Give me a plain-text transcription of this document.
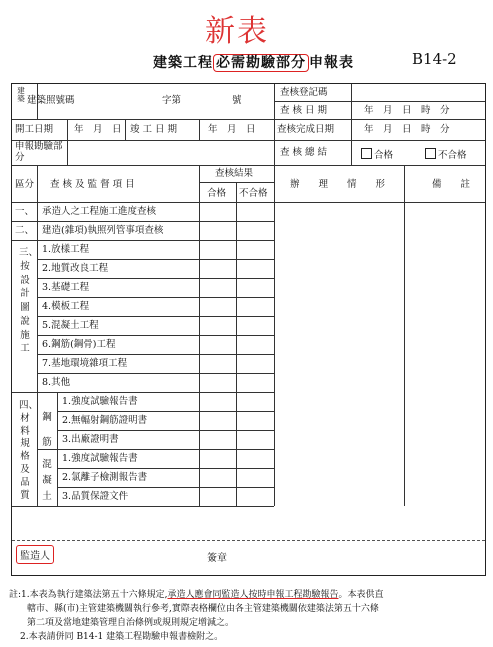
新表
建築工程 必需勘驗部分 申報表	B14-2
建
築 建築照號碼	字第	號
查核登記碼
查 核 日 期	年　月　日　時　分
開工日期 年　月　日 竣 工 日 期	年　月　日 查核完成日期	年　月　日　時　分
申報勘驗部分	查 核 總 結	合格	不合格
區分 查 核 及 監 督 項 目
查核結果
合格 不合格
辦　　理　　情　　形	備　　註
一、 承造人之工程施工進度查核
二、 建造(雜項)執照列管事項查核
三、按設計圖說施工
1.放樣工程
2.地質改良工程
3.基礎工程
4.模板工程
5.混凝土工程
6.鋼筋(鋼骨)工程
7.基地環境雜項工程
8.其他
四、材料規格及品質
鋼筋
1.強度試驗報告書
2.無輻射鋼筋證明書
3.出廠證明書
混凝土
1.強度試驗報告書
2.氯離子檢測報告書
3.品質保證文件
監造人	簽章
註:1.本表為執行建築法第五十六條規定,承造人應會同監造人按時申報工程勘驗報告。本表供直
轄市、縣(市)主管建築機關執行參考,實際表格欄位由各主管建築機關依建築法第五十六條
第二項及當地建築管理自治條例或規則規定增減之。
2.本表請併同 B14-1 建築工程勘驗申報書檢附之。
